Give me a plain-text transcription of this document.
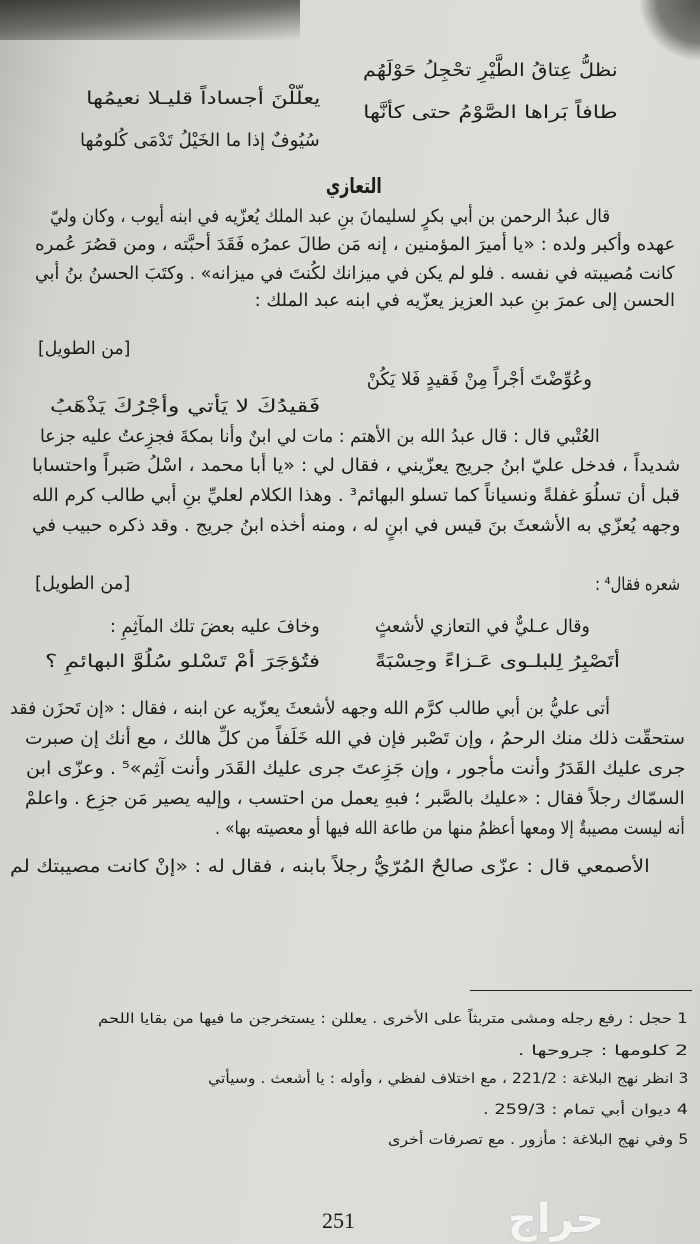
نظلُّ عِتاقُ الطَّيْرِ تحْجِلُ حَوْلَهُم
يعلّلْنَ أجساداً قليـلا نعيمُها
طافاً بَراها الصَّوْمُ حتى كأنَّها
سُيُوفٌ إذا ما الخَيْلُ تَدْمَى كُلومُها
التعازي
قال عبدُ الرحمن بن أبي بكرٍ لسليمانَ بنِ عبد الملك يُعزّيه في ابنه أيوب ، وكان وليّ
عهده وأكبر ولده : «يا أميرَ المؤمنين ، إنه مَن طالَ عمرُه فَقَدَ أحبَّته ، ومن قصُرَ عُمره
كانت مُصيبته في نفسه . فلو لم يكن في ميزانك لكُنتَ في ميزانه» . وكتَبَ الحسنُ بنُ أبي
الحسن إلى عمرَ بنِ عبد العزيز يعزّيه في ابنه عبد الملك :
[من الطويل]
وعُوِّضْتَ أجْراً مِنْ فَقيدٍ فَلا يَكُنْ
فَقيدُكَ لا يَأتي وأجْرُكَ يَذْهَبُ
العُتْبي قال : قال عبدُ الله بن الأهتم : مات لي ابنٌ وأنا بمكةَ فجزِعتُ عليه جزعا
شديداً ، فدخل عليّ ابنُ جريج يعزّيني ، فقال لي : «يا أبا محمد ، اسْلُ صَبراً واحتسابا
قبل أن تسلُوَ غفلةً ونسياناً كما تسلو البهائم³ . وهذا الكلام لعليِّ بنِ أبي طالب كرم الله
وجهه يُعزّي به الأشعثَ بنَ قيس في ابنٍ له ، ومنه أخذه ابنُ جريج . وقد ذكره حبيب في
شعره فقال⁴ :
[من الطويل]
وقال عـليٌّ في التعازي لأشعثٍ
وخافَ عليه بعضَ تلك المآثِمِ :
أتَصْبِرُ لِلبلـوى عَـزاءً وحِسْبَةً
فتُؤجَرَ أمْ تَسْلو سُلُوَّ البهائمِ ؟
أتى عليُّ بن أبي طالب كرَّم الله وجهه لأشعثَ يعزّيه عن ابنه ، فقال : «إن تَحزَن فقد
ستحقّت ذلك منك الرحمُ ، وإن تَصْبر فإن في الله خَلَفاً من كلِّ هالك ، مع أنك إن صبرت
جرى عليك القَدَرُ وأنت مأجور ، وإن جَزِعتَ جرى عليك القَدَر وأنت آثِم»⁵ . وعزّى ابن
السمّاك رجلاً فقال : «عليك بالصَّبر ؛ فبهِ يعمل من احتسب ، وإليه يصير مَن جزِع . واعلمْ
أنه ليست مصيبةٌ إلا ومعها أعظمُ منها من طاعة الله فيها أو معصيته بها» .
الأصمعي قال : عزّى صالحٌ المُرّيُّ رجلاً بابنه ، فقال له : «إنْ كانت مصيبتك لم
1 حجل : رفع رجله ومشى متربثاً على الأخرى . يعللن : يستخرجن ما فيها من بقايا اللحم
2 كلومها : جروحها .
3 انظر نهج البلاغة : 221/2 ، مع اختلاف لفظي ، وأوله : يا أشعث . وسيأتي
4 ديوان أبي تمام : 259/3 .
5 وفي نهج البلاغة : مأزور . مع تصرفات أخرى
251	حراج
